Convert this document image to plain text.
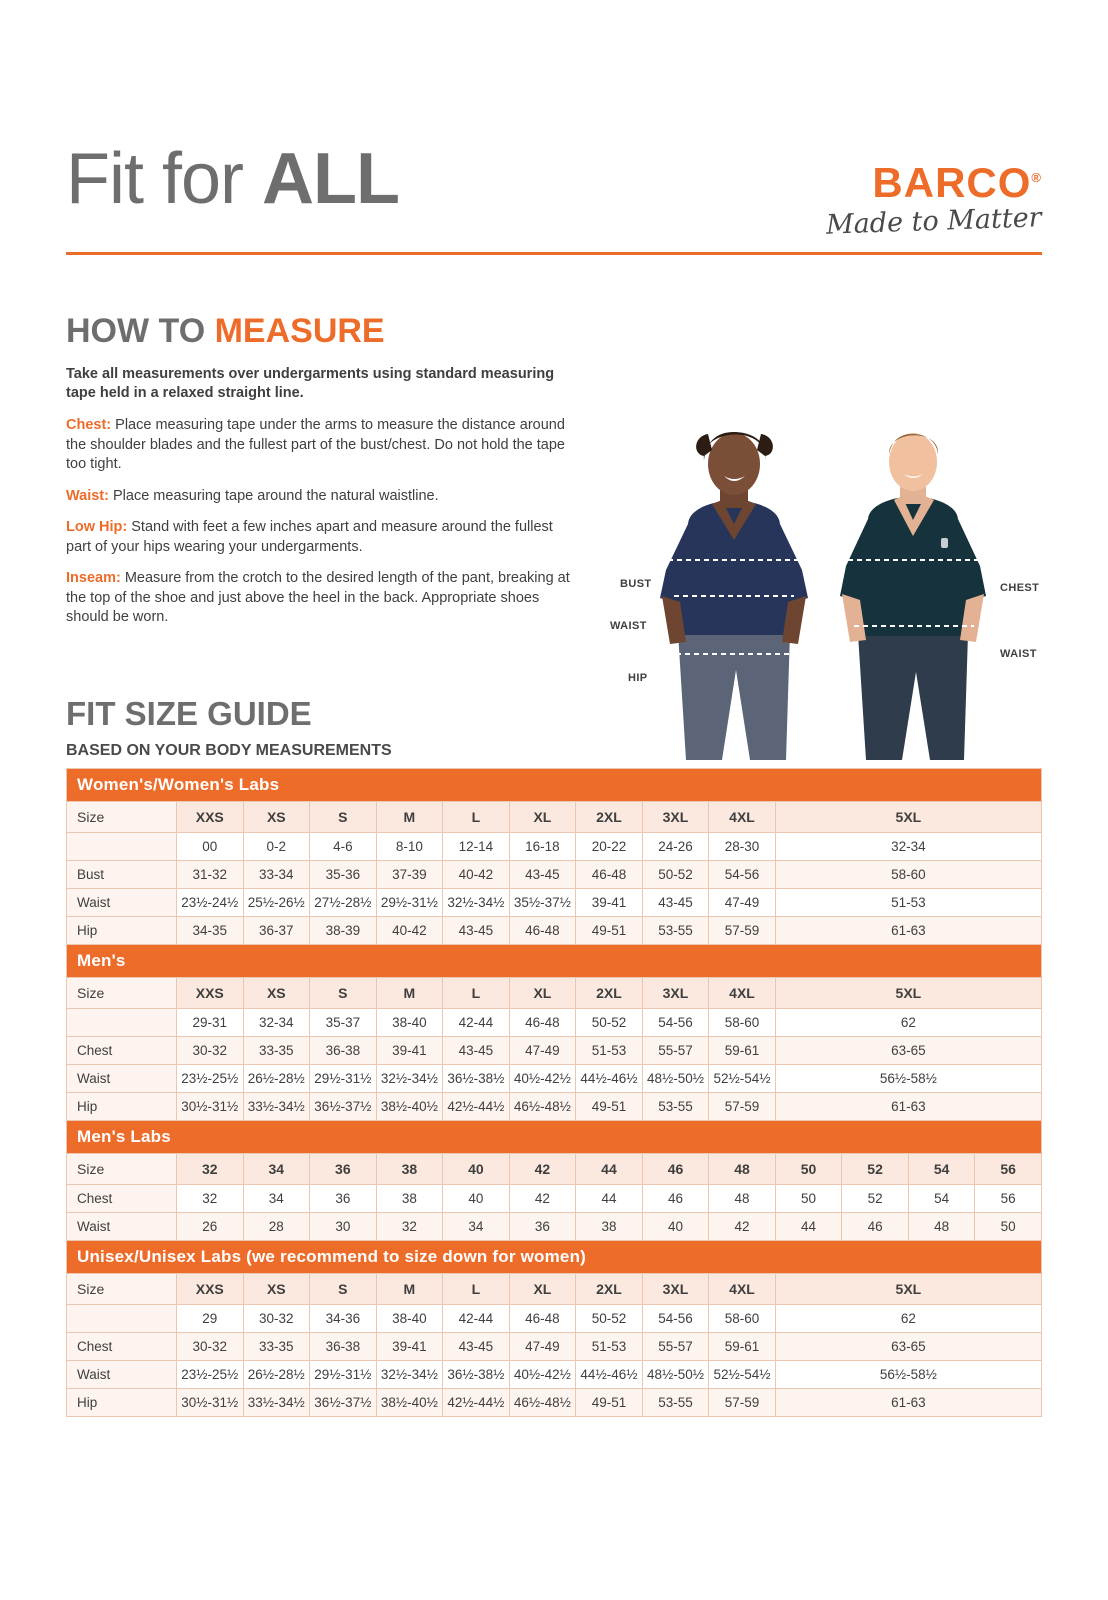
Fit for ALL	BARCO®
Made to Matter
HOW TO MEASURE
Take all measurements over undergarments using standard measuring tape held in a relaxed straight line.
Chest: Place measuring tape under the arms to measure the distance around the shoulder blades and the fullest part of the bust/chest. Do not hold the tape too tight.
Waist: Place measuring tape around the natural waistline.
Low Hip: Stand with feet a few inches apart and measure around the fullest part of your hips wearing your undergarments.
Inseam: Measure from the crotch to the desired length of the pant, breaking at the top of the shoe and just above the heel in the back. Appropriate shoes should be worn.
BUST
WAIST
HIP
CHEST
WAIST
FIT SIZE GUIDE
BASED ON YOUR BODY MEASUREMENTS
Women's/Women's Labs													
Size	XXS	XS	S	M	L	XL	2XL	3XL	4XL	5XL			
	00	0-2	4-6	8-10	12-14	16-18	20-22	24-26	28-30	32-34			
Bust	31-32	33-34	35-36	37-39	40-42	43-45	46-48	50-52	54-56	58-60			
Waist	23½-24½	25½-26½	27½-28½	29½-31½	32½-34½	35½-37½	39-41	43-45	47-49	51-53			
Hip	34-35	36-37	38-39	40-42	43-45	46-48	49-51	53-55	57-59	61-63			
Men's													
Size	XXS	XS	S	M	L	XL	2XL	3XL	4XL	5XL			
	29-31	32-34	35-37	38-40	42-44	46-48	50-52	54-56	58-60	62			
Chest	30-32	33-35	36-38	39-41	43-45	47-49	51-53	55-57	59-61	63-65			
Waist	23½-25½	26½-28½	29½-31½	32½-34½	36½-38½	40½-42½	44½-46½	48½-50½	52½-54½	56½-58½			
Hip	30½-31½	33½-34½	36½-37½	38½-40½	42½-44½	46½-48½	49-51	53-55	57-59	61-63			
Men's Labs													
Size	32	34	36	38	40	42	44	46	48	50	52	54	56
Chest	32	34	36	38	40	42	44	46	48	50	52	54	56
Waist	26	28	30	32	34	36	38	40	42	44	46	48	50
Unisex/Unisex Labs (we recommend to size down for women)													
Size	XXS	XS	S	M	L	XL	2XL	3XL	4XL	5XL			
	29	30-32	34-36	38-40	42-44	46-48	50-52	54-56	58-60	62			
Chest	30-32	33-35	36-38	39-41	43-45	47-49	51-53	55-57	59-61	63-65			
Waist	23½-25½	26½-28½	29½-31½	32½-34½	36½-38½	40½-42½	44½-46½	48½-50½	52½-54½	56½-58½			
Hip	30½-31½	33½-34½	36½-37½	38½-40½	42½-44½	46½-48½	49-51	53-55	57-59	61-63			
